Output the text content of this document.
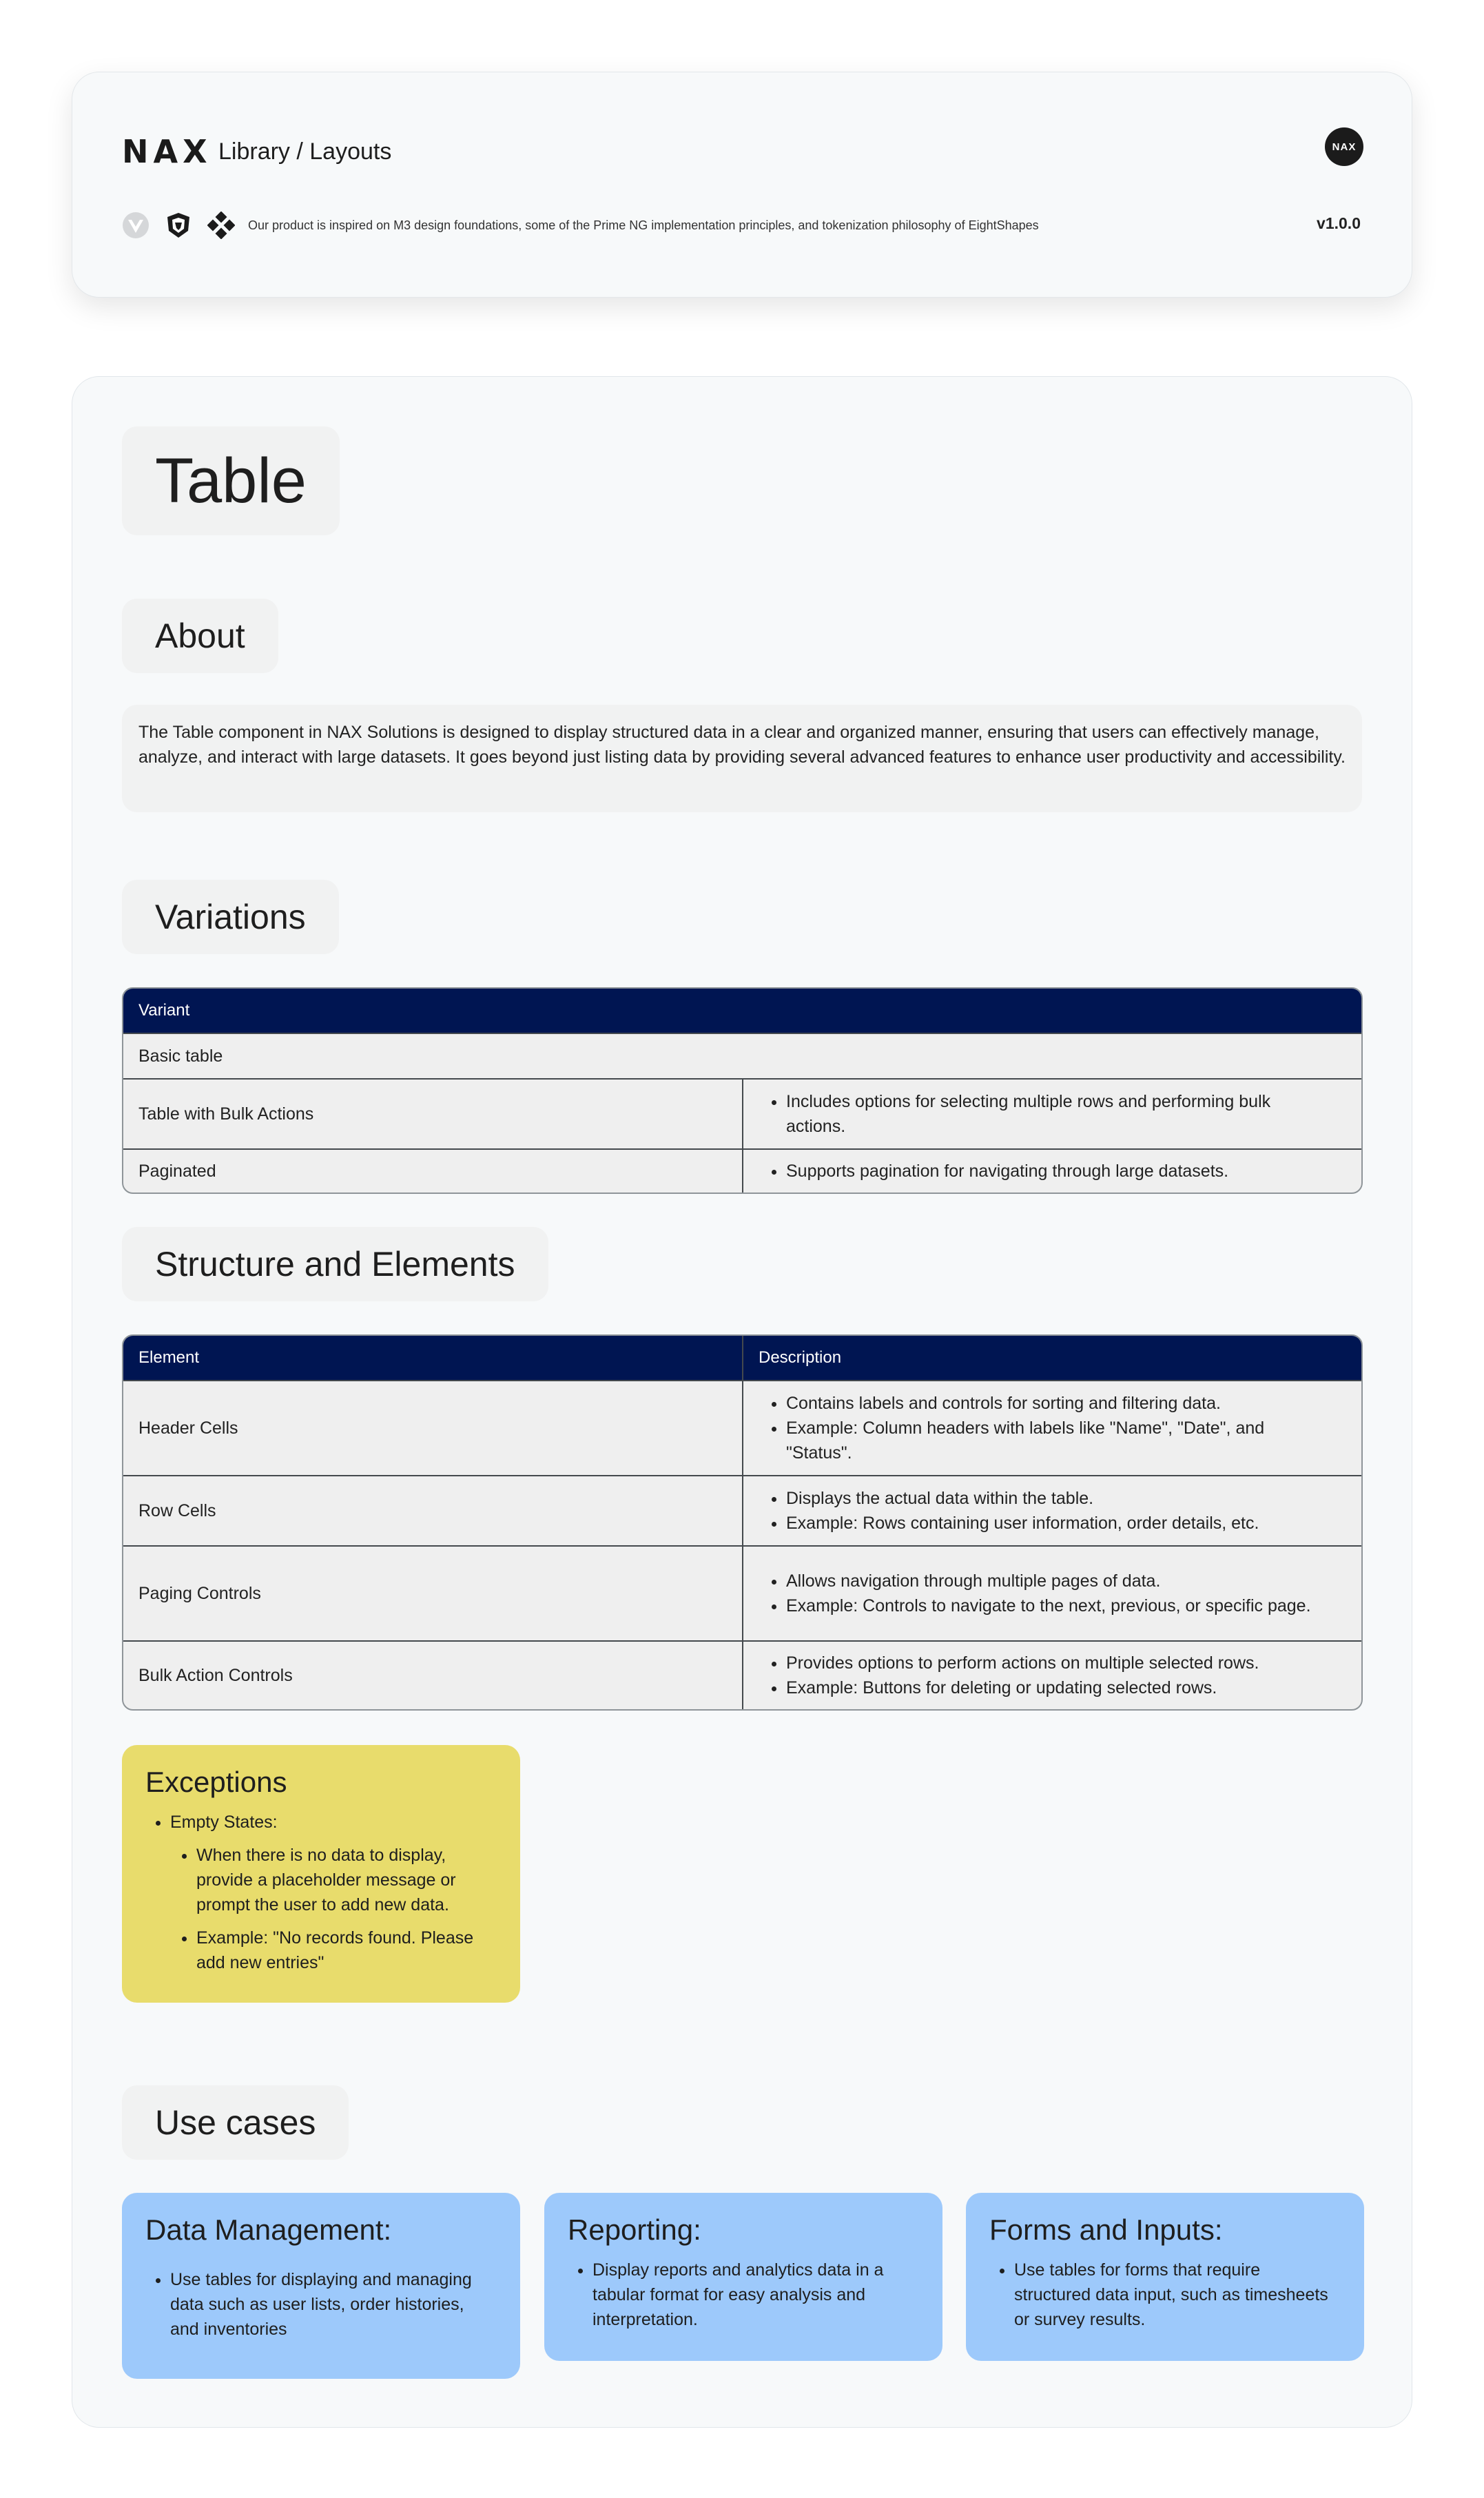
NAX Library / Layouts	NAX
Our product is inspired on M3 design foundations, some of the Prime NG implementation principles, and tokenization philosophy of EightShapes	v1.0.0
Table
About
The Table component in NAX Solutions is designed to display structured data in a clear and organized manner, ensuring that users can effectively manage, analyze, and interact with large datasets. It goes beyond just listing data by providing several advanced features to enhance user productivity and accessibility.
Variations
Variant
Basic table
Table with Bulk Actions
• Includes options for selecting multiple rows and performing bulk actions.
Paginated
•	Supports pagination for navigating through large datasets.
Structure and Elements
Element	Description
Header Cells
• Contains labels and controls for sorting and filtering data.
• Example: Column headers with labels like "Name", "Date", and "Status".
Row Cells
• Displays the actual data within the table.
• Example: Rows containing user information, order details, etc.
Paging Controls
• Allows navigation through multiple pages of data.
• Example: Controls to navigate to the next, previous, or specific page.
Bulk Action Controls
• Provides options to perform actions on multiple selected rows.
• Example: Buttons for deleting or updating selected rows.
Exceptions
• Empty States:
• When there is no data to display, provide a placeholder message or prompt the user to add new data.
• Example: "No records found. Please add new entries"
Use cases
Data Management:
• Use tables for displaying and managing data such as user lists, order histories, and inventories
Reporting:
• Display reports and analytics data in a tabular format for easy analysis and interpretation.
Forms and Inputs:
• Use tables for forms that require structured data input, such as timesheets or survey results.
